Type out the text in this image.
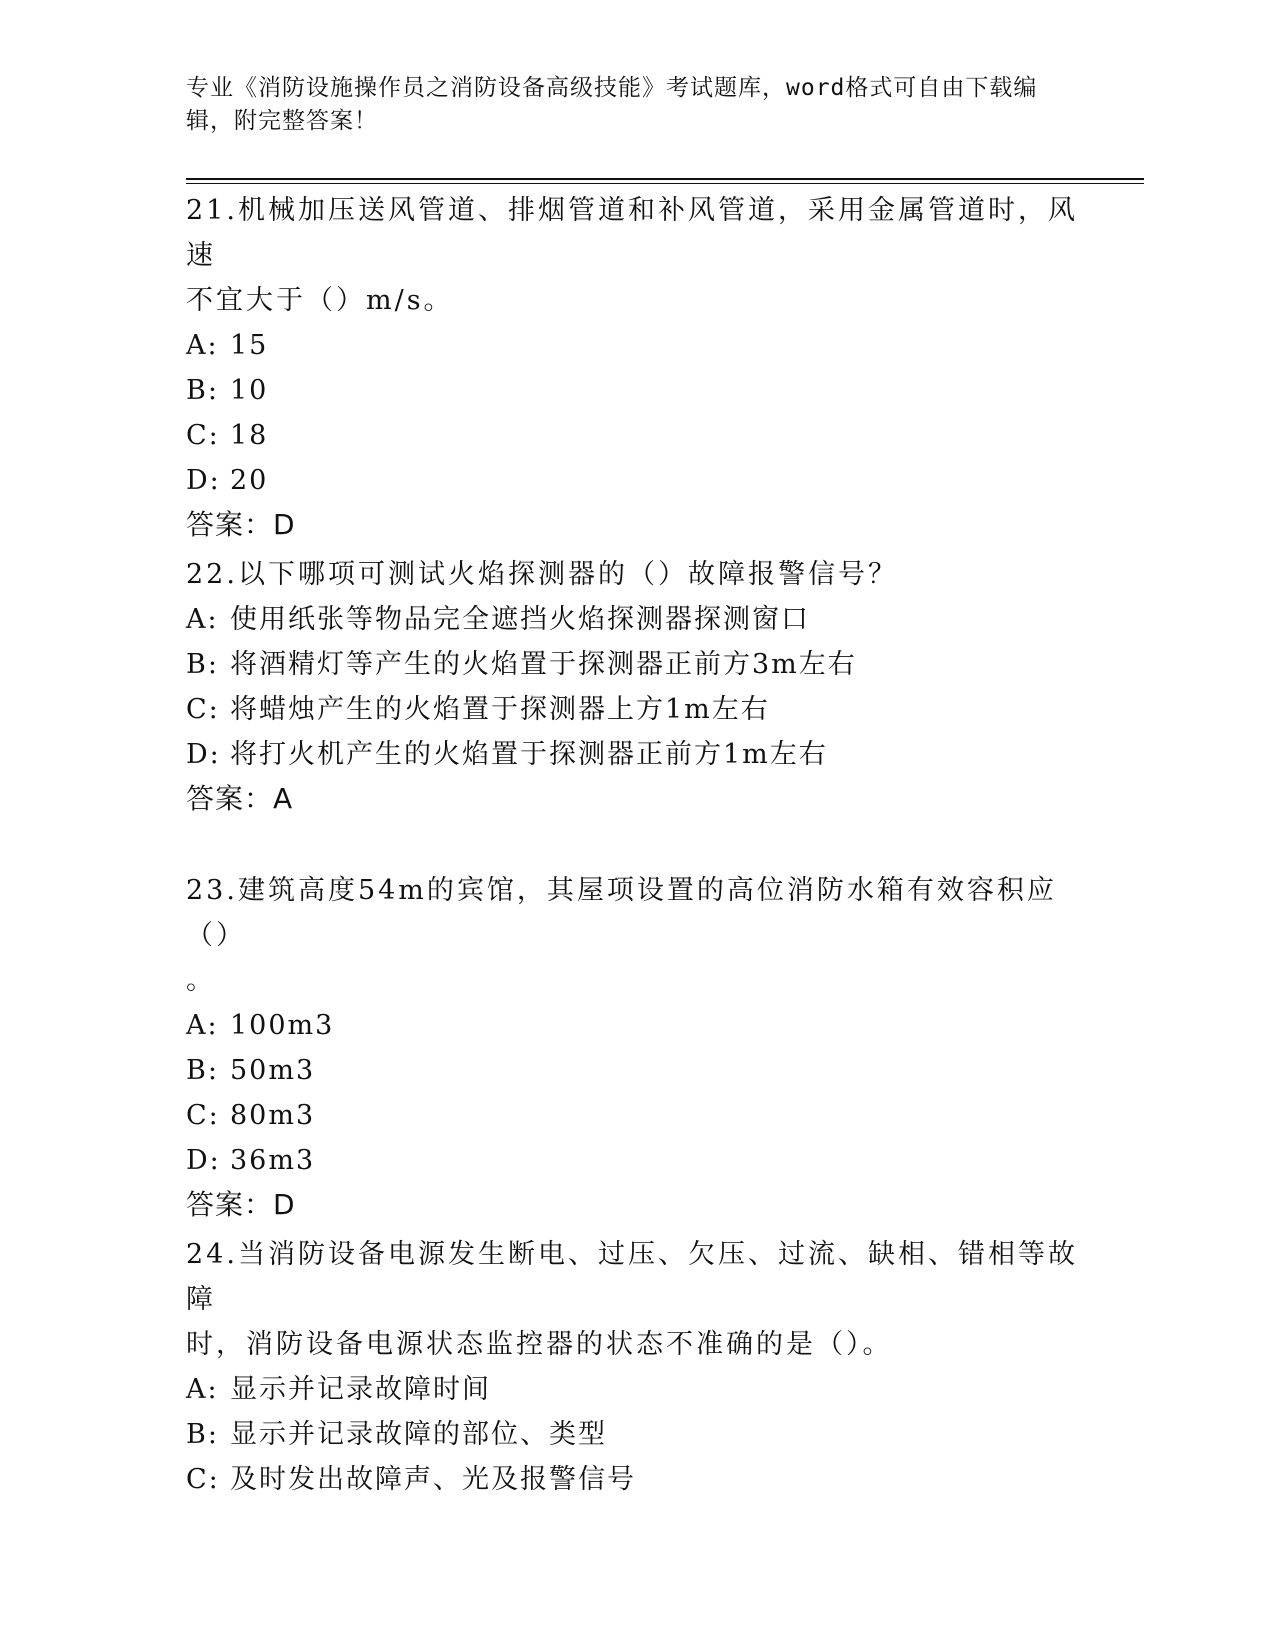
专业《消防设施操作员之消防设备高级技能》考试题库，word格式可自由下载编
辑，附完整答案！

21.机械加压送风管道、排烟管道和补风管道，采用金属管道时，风速

不宜大于（）m/s。

A: 15

B: 10

C: 18

D: 20

答案：D

22.以下哪项可测试火焰探测器的（）故障报警信号？

A: 使用纸张等物品完全遮挡火焰探测器探测窗口

B: 将酒精灯等产生的火焰置于探测器正前方3m左右

C: 将蜡烛产生的火焰置于探测器上方1m左右

D: 将打火机产生的火焰置于探测器正前方1m左右

答案：A

23.建筑高度54m的宾馆，其屋项设置的高位消防水箱有效容积应（）

。

A: 100m3

B: 50m3

C: 80m3

D: 36m3

答案：D

24.当消防设备电源发生断电、过压、欠压、过流、缺相、错相等故障

时，消防设备电源状态监控器的状态不准确的是（）。

A: 显示并记录故障时间

B: 显示并记录故障的部位、类型

C: 及时发出故障声、光及报警信号
